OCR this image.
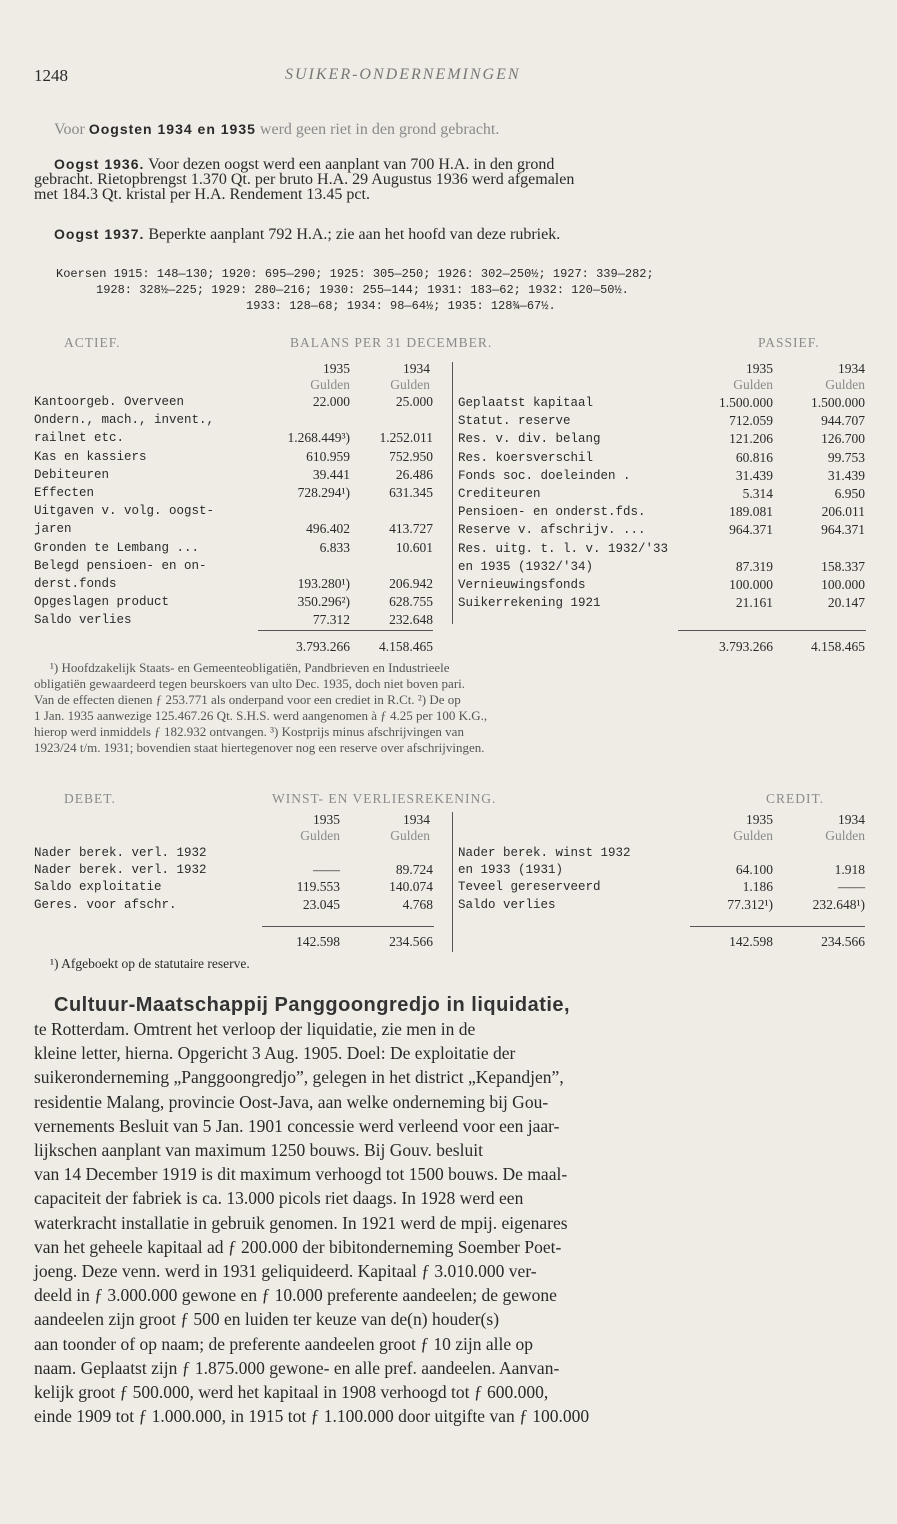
1248	SUIKER-ONDERNEMINGEN
Voor Oogsten 1934 en 1935 werd geen riet in den grond gebracht.
Oogst 1936. Voor dezen oogst werd een aanplant van 700 H.A. in den grond
gebracht. Rietopbrengst 1.370 Qt. per bruto H.A. 29 Augustus 1936 werd afgemalen
met 184.3 Qt. kristal per H.A. Rendement 13.45 pct.
Oogst 1937. Beperkte aanplant 792 H.A.; zie aan het hoofd van deze rubriek.
Koersen 1915: 148—130; 1920: 695—290; 1925: 305—250; 1926: 302—250½; 1927: 339—282;
1928: 328½—225; 1929: 280—216; 1930: 255—144; 1931: 183—62; 1932: 120—50½.
1933: 128—68; 1934: 98—64½; 1935: 128¾—67½.
ACTIEF.	BALANS PER 31 DECEMBER.	PASSIEF.
1935	1934
Gulden	Gulden
1935	1934
Gulden	Gulden
Kantoorgeb. Overveen	22.000	25.000
Ondern., mach., invent.,
railnet etc.	1.268.449³)	1.252.011
Kas en kassiers	610.959	752.950
Debiteuren	39.441	26.486
Effecten	728.294¹)	631.345
Uitgaven v. volg. oogst-
jaren	496.402	413.727
Gronden te Lembang ...	6.833	10.601
Belegd pensioen- en on-
derst.fonds	193.280¹)	206.942
Opgeslagen product	350.296²)	628.755
Saldo verlies	77.312	232.648
Geplaatst kapitaal	1.500.000	1.500.000
Statut. reserve	712.059	944.707
Res. v. div. belang	121.206	126.700
Res. koersverschil	60.816	99.753
Fonds soc. doeleinden .	31.439	31.439
Crediteuren	5.314	6.950
Pensioen- en onderst.fds.	189.081	206.011
Reserve v. afschrijv. ...	964.371	964.371
Res. uitg. t. l. v. 1932/'33
en 1935 (1932/'34)	87.319	158.337
Vernieuwingsfonds	100.000	100.000
Suikerrekening 1921	21.161	20.147
3.793.266	4.158.465	3.793.266	4.158.465
¹) Hoofdzakelijk Staats- en Gemeenteobligatiën, Pandbrieven en Industrieele
obligatiën gewaardeerd tegen beurskoers van ulto Dec. 1935, doch niet boven pari.
Van de effecten dienen ƒ 253.771 als onderpand voor een crediet in R.Ct. ²) De op
1 Jan. 1935 aanwezige 125.467.26 Qt. S.H.S. werd aangenomen à ƒ 4.25 per 100 K.G.,
hierop werd inmiddels ƒ 182.932 ontvangen. ³) Kostprijs minus afschrijvingen van
1923/24 t/m. 1931; bovendien staat hiertegenover nog een reserve over afschrijvingen.
DEBET.	WINST- EN VERLIESREKENING.	CREDIT.
1935	1934
Gulden	Gulden
1935	1934
Gulden	Gulden
Nader berek. verl. 1932
Nader berek. verl. 1932	——	89.724
Saldo exploitatie	119.553	140.074
Geres. voor afschr.	23.045	4.768
Nader berek. winst 1932
en 1933 (1931)	64.100	1.918
Teveel gereserveerd	1.186	——
Saldo verlies	77.312¹)	232.648¹)
142.598	234.566	142.598	234.566
¹) Afgeboekt op de statutaire reserve.
Cultuur-Maatschappij Panggoongredjo in liquidatie,
te Rotterdam. Omtrent het verloop der liquidatie, zie men in de
kleine letter, hierna. Opgericht 3 Aug. 1905. Doel: De exploitatie der
suikeronderneming „Panggoongredjo”, gelegen in het district „Kepandjen”,
residentie Malang, provincie Oost-Java, aan welke onderneming bij Gou-
vernements Besluit van 5 Jan. 1901 concessie werd verleend voor een jaar-
lijkschen aanplant van maximum 1250 bouws. Bij Gouv. besluit
van 14 December 1919 is dit maximum verhoogd tot 1500 bouws. De maal-
capaciteit der fabriek is ca. 13.000 picols riet daags. In 1928 werd een
waterkracht installatie in gebruik genomen. In 1921 werd de mpij. eigenares
van het geheele kapitaal ad ƒ 200.000 der bibitonderneming Soember Poet-
joeng. Deze venn. werd in 1931 geliquideerd. Kapitaal ƒ 3.010.000 ver-
deeld in ƒ 3.000.000 gewone en ƒ 10.000 preferente aandeelen; de gewone
aandeelen zijn groot ƒ 500 en luiden ter keuze van de(n) houder(s)
aan toonder of op naam; de preferente aandeelen groot ƒ 10 zijn alle op
naam. Geplaatst zijn ƒ 1.875.000 gewone- en alle pref. aandeelen. Aanvan-
kelijk groot ƒ 500.000, werd het kapitaal in 1908 verhoogd tot ƒ 600.000,
einde 1909 tot ƒ 1.000.000, in 1915 tot ƒ 1.100.000 door uitgifte van ƒ 100.000
